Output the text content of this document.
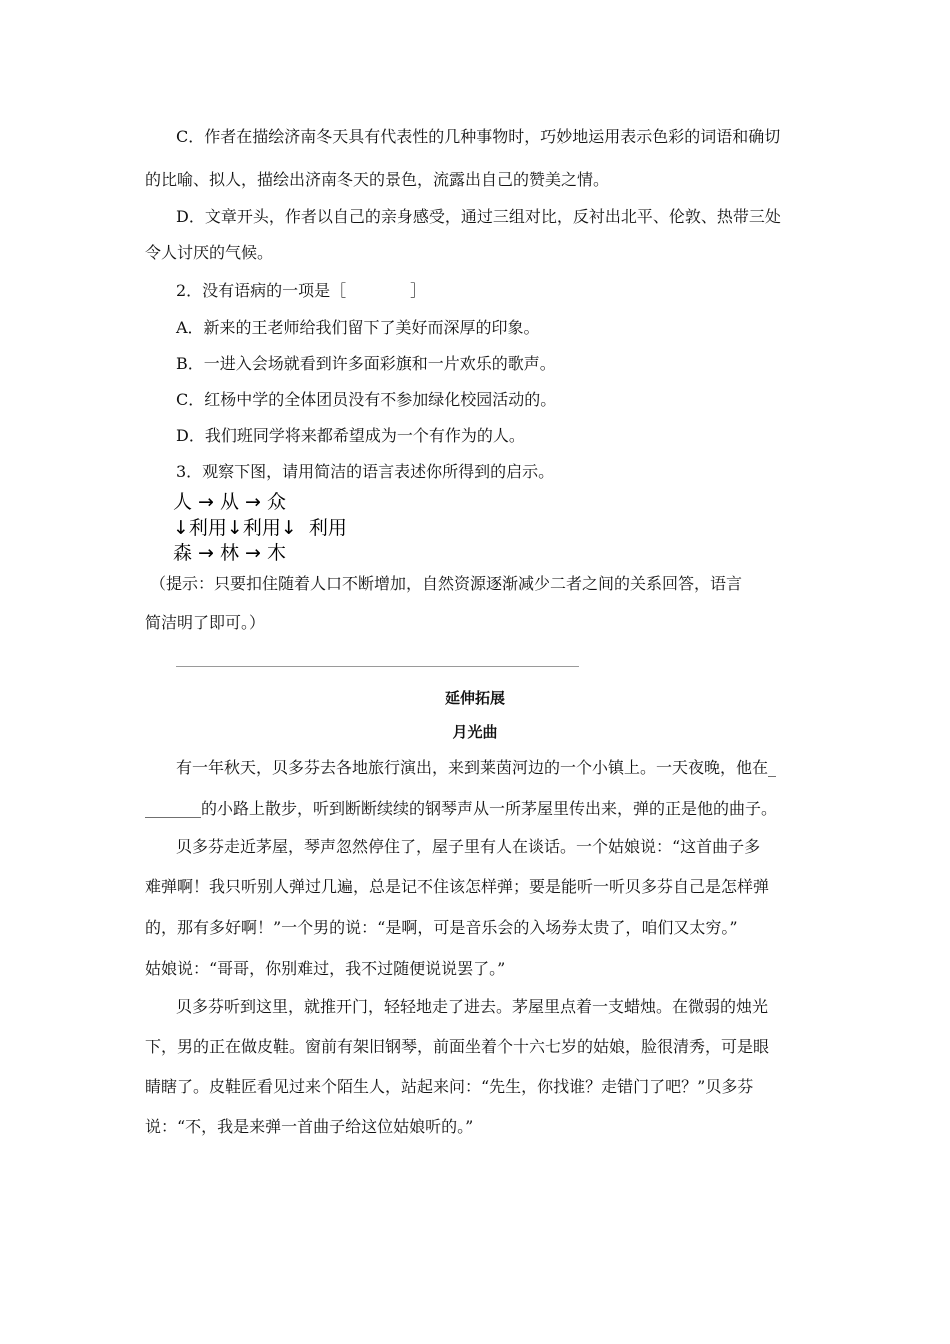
C．作者在描绘济南冬天具有代表性的几种事物时，巧妙地运用表示色彩的词语和确切
的比喻、拟人，描绘出济南冬天的景色，流露出自己的赞美之情。
D．文章开头，作者以自己的亲身感受，通过三组对比，反衬出北平、伦敦、热带三处
令人讨厌的气候。
2．没有语病的一项是［　　　　］
A．新来的王老师给我们留下了美好而深厚的印象。
B．一进入会场就看到许多面彩旗和一片欢乐的歌声。
C．红杨中学的全体团员没有不参加绿化校园活动的。
D．我们班同学将来都希望成为一个有作为的人。
3．观察下图，请用简洁的语言表述你所得到的启示。
人 → 从 → 众
↓利用↓利用↓  利用
森 → 林 → 木
（提示：只要扣住随着人口不断增加，自然资源逐渐减少二者之间的关系回答，语言
简洁明了即可。）
延伸拓展
月光曲
有一年秋天，贝多芬去各地旅行演出，来到莱茵河边的一个小镇上。一天夜晚，他在_
_______的小路上散步，听到断断续续的钢琴声从一所茅屋里传出来，弹的正是他的曲子。
贝多芬走近茅屋，琴声忽然停住了，屋子里有人在谈话。一个姑娘说：“这首曲子多
难弹啊！我只听别人弹过几遍，总是记不住该怎样弹；要是能听一听贝多芬自己是怎样弹
的，那有多好啊！”一个男的说：“是啊，可是音乐会的入场券太贵了，咱们又太穷。”
姑娘说：“哥哥，你别难过，我不过随便说说罢了。”
贝多芬听到这里，就推开门，轻轻地走了进去。茅屋里点着一支蜡烛。在微弱的烛光
下，男的正在做皮鞋。窗前有架旧钢琴，前面坐着个十六七岁的姑娘，脸很清秀，可是眼
睛瞎了。皮鞋匠看见过来个陌生人，站起来问：“先生，你找谁？走错门了吧？”贝多芬
说：“不，我是来弹一首曲子给这位姑娘听的。”
